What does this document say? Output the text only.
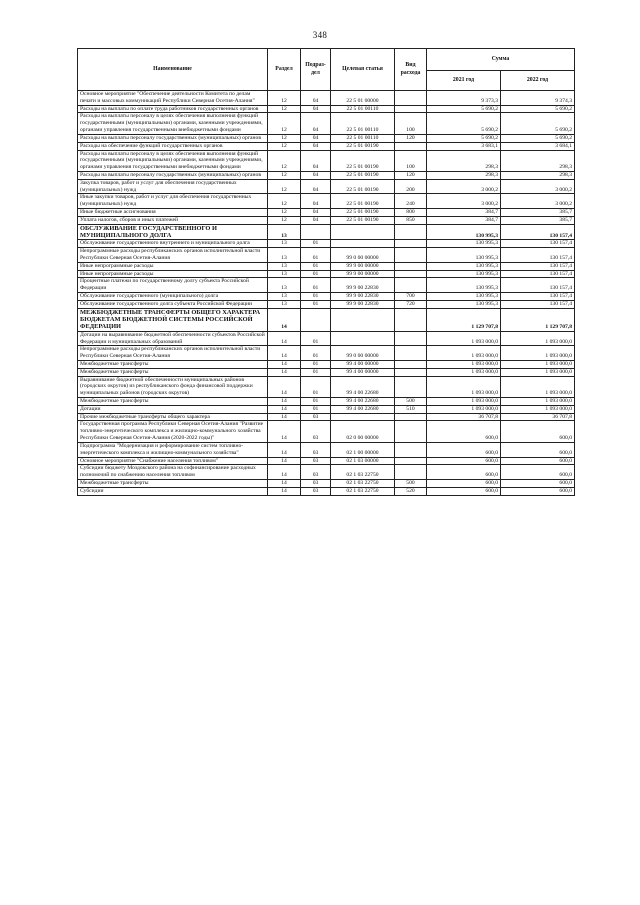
348
Наименование	Раздел	Подраз-дел	Целевая статья	Вид расхода	Сумма	
					2021 год	2022 год
Основное мероприятие "Обеспечение деятельности Комитета по делам печати и массовых коммуникаций Республики Северная Осетия-Алания"	12	04	22 5 01 00000		9 373,3	9 374,3
Расходы на выплаты по оплате труда работников государственных органов	12	04	22 5 01 00110		5 690,2	5 690,2
Расходы на выплаты персоналу в целях обеспечения выполнения функций государственными (муниципальными) органами, казенными учреждениями, органами управления государственными внебюджетными фондами	12	04	22 5 01 00110	100	5 690,2	5 690,2
Расходы на выплаты персоналу государственных (муниципальных) органов	12	04	22 5 01 00110	120	5 690,2	5 690,2
Расходы на обеспечение функций государственных органов	12	04	22 5 01 00190		3 683,1	3 684,1
Расходы на выплаты персоналу в целях обеспечения выполнения функций государственными (муниципальными) органами, казенными учреждениями, органами управления государственными внебюджетными фондами	12	04	22 5 01 00190	100	298,3	298,3
Расходы на выплаты персоналу государственных (муниципальных) органов	12	04	22 5 01 00190	120	298,3	298,3
Закупка товаров, работ и услуг для обеспечения государственных (муниципальных) нужд	12	04	22 5 01 00190	200	3 000,2	3 000,2
Иные закупки товаров, работ и услуг для обеспечения государственных (муниципальных) нужд	12	04	22 5 01 00190	240	3 000,2	3 000,2
Иные бюджетные ассигнования	12	04	22 5 01 00190	800	384,7	385,7
Уплата налогов, сборов и иных платежей	12	04	22 5 01 00190	850	384,7	385,7
ОБСЛУЖИВАНИЕ ГОСУДАРСТВЕННОГО И МУНИЦИПАЛЬНОГО ДОЛГА	13				130 995,3	130 157,4
Обслуживание государственного внутреннего и муниципального долга	13	01			130 995,3	130 157,4
Непрограммные расходы республиканских органов исполнительной власти Республики Северная Осетия-Алания	13	01	99 0 00 00000		130 995,3	130 157,4
Иные непрограммные расходы	13	01	99 9 00 00000		130 995,3	130 157,4
Иные непрограммные расходы	13	01	99 9 00 00000		130 995,3	130 157,4
Процентные платежи по государственному долгу субъекта Российской Федерации	13	01	99 9 00 22830		130 995,3	130 157,4
Обслуживание государственного (муниципального) долга	13	01	99 9 00 22830	700	130 995,3	130 157,4
Обслуживание государственного долга субъекта Российской Федерации	13	01	99 9 00 22830	720	130 995,3	130 157,4
МЕЖБЮДЖЕТНЫЕ ТРАНСФЕРТЫ ОБЩЕГО ХАРАКТЕРА БЮДЖЕТАМ БЮДЖЕТНОЙ СИСТЕМЫ РОССИЙСКОЙ ФЕДЕРАЦИИ	14				1 129 707,8	1 129 707,8
Дотации на выравнивание бюджетной обеспеченности субъектов Российской Федерации и муниципальных образований	14	01			1 093 000,0	1 093 000,0
Непрограммные расходы республиканских органов исполнительной власти Республики Северная Осетия-Алания	14	01	99 0 00 00000		1 093 000,0	1 093 000,0
Межбюджетные трансферты	14	01	99 4 00 00000		1 093 000,0	1 093 000,0
Межбюджетные трансферты	14	01	99 4 00 00000		1 093 000,0	1 093 000,0
Выравнивание бюджетной обеспеченности муниципальных районов (городских округов) из республиканского фонда финансовой поддержки муниципальных районов (городских округов)	14	01	99 4 00 22680		1 093 000,0	1 093 000,0
Межбюджетные трансферты	14	01	99 4 00 22680	500	1 093 000,0	1 093 000,0
Дотации	14	01	99 4 00 22680	510	1 093 000,0	1 093 000,0
Прочие межбюджетные трансферты общего характера	14	03			36 707,8	36 707,8
Государственная программа Республики Северная Осетия-Алания "Развитие топливно-энергетического комплекса и жилищно-коммунального хозяйства Республики Северная Осетия-Алания (2020-2022 годы)"	14	03	02 0 00 00000		600,0	600,0
Подпрограмма "Модернизация и реформирование систем топливно-энергетического комплекса и жилищно-коммунального хозяйства"	14	03	02 1 00 00000		600,0	600,0
Основное мероприятие "Снабжение населения топливом"	14	03	02 1 03 00000		600,0	600,0
Субсидии бюджету Моздокского района на софинансирование расходных полномочий по снабжению населения топливом	14	03	02 1 03 22750		600,0	600,0
Межбюджетные трансферты	14	03	02 1 03 22750	500	600,0	600,0
Субсидии	14	03	02 1 03 22750	520	600,0	600,0
